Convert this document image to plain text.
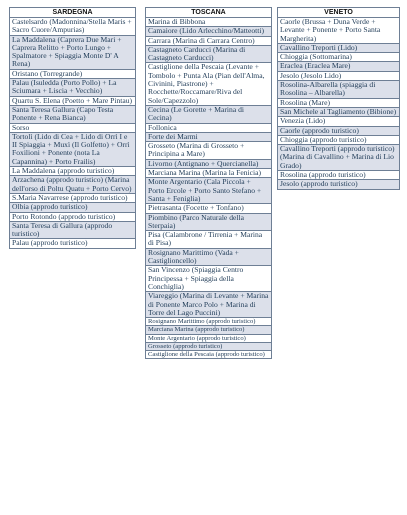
SARDEGNA
Castelsardo (Madonnina/Stella Maris + Sacro Cuore/Ampurias)
La Maddalena (Caprera Due Mari + Caprera Relitto + Porto Lungo + Spalmatore + Spiaggia Monte D' A Rena)
Oristano (Torregrande)
Palau (Isuledda (Porto Pollo) + La Sciumara + Liscia + Vecchio)
Quartu S. Elena (Poetto + Mare Pintau)
Santa Teresa Gallura (Capo Testa Ponente + Rena Bianca)
Sorso
Tortolì (Lido di Cea + Lido di Orrì I e II Spiaggia + Muxì (Il Golfetto) + Orrì Foxilioni + Ponente (nota La Capannina) + Porto Frailis)
La Maddalena (approdo turistico)
Arzachena (approdo turistico) (Marina dell'orso di Poltu Quatu + Porto Cervo)
S.Maria Navarrese (approdo turistico)
Olbia (approdo turistico)
Porto Rotondo (approdo turistico)
Santa Teresa di Gallura (approdo turistico)
Palau (approdo turistico)
TOSCANA
Marina di Bibbona
Camaiore (Lido Arlecchino/Matteotti)
Carrara (Marina di Carrara Centro)
Castagneto Carducci (Marina di Castagneto Carducci)
Castiglione della Pescaia (Levante + Tombolo + Punta Ala (Pian dell'Alma, Civinini, Piastrone) + Rocchette/Roccamare/Riva del Sole/Capezzolo)
Cecina (Le Gorette + Marina di Cecina)
Follonica
Forte dei Marmi
Grosseto (Marina di Grosseto + Principina a Mare)
Livorno (Antignano + Quercianella)
Marciana Marina (Marina la Fenicia)
Monte Argentario (Cala Piccola + Porto Ercole + Porto Santo Stefano + Santa + Feniglia)
Pietrasanta (Focette + Tonfano)
Piombino (Parco Naturale della Sterpaia)
Pisa (Calambrone / Tirrenia + Marina di Pisa)
Rosignano Marittimo (Vada + Castiglioncello)
San Vincenzo (Spiaggia Centro Principessa + Spiaggia della Conchiglia)
Viareggio (Marina di Levante + Marina di Ponente Marco Polo + Marina di Torre del Lago Puccini)
Rosignano Marittimo (approdo turistico)
Marciana Marina (approdo turistico)
Monte Argentario (approdo turistico)
Grosseto (approdo turistico)
Castiglione della Pescaia (approdo turistico)
VENETO
Caorle (Brussa + Duna Verde + Levante + Ponente + Porto Santa Margherita)
Cavallino Treporti (Lido)
Chioggia (Sottomarina)
Eraclea (Eraclea Mare)
Jesolo (Jesolo Lido)
Rosolina-Albarella (spiaggia di Rosolina – Albarella)
Rosolina (Mare)
San Michele al Tagliamento (Bibione)
Venezia (Lido)
Caorle (approdo turistico)
Chioggia (approdo turistico)
Cavallino Treporti (approdo turistico) (Marina di Cavallino + Marina di Lio Grado)
Rosolina (approdo turistico)
Jesolo (approdo turistico)
